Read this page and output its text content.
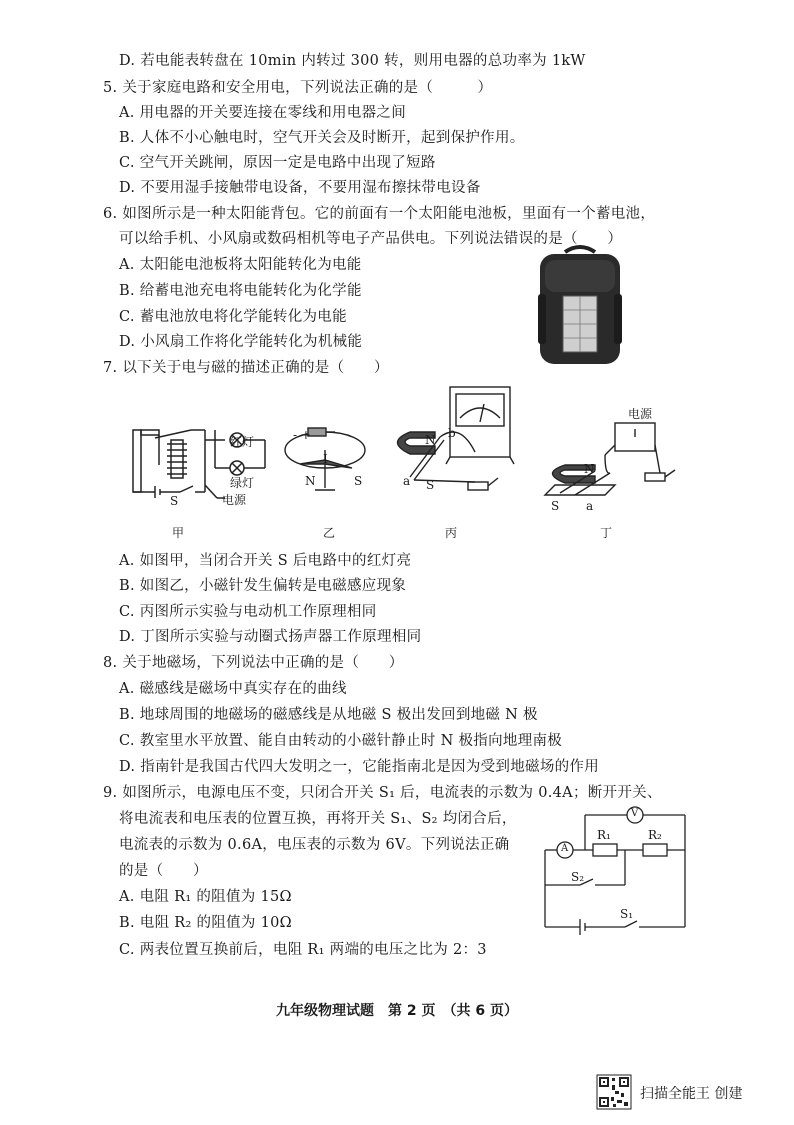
D. 若电能表转盘在 10min 内转过 300 转，则用电器的总功率为 1kW
5. 关于家庭电路和安全用电，下列说法正确的是（　　　）
A. 用电器的开关要连接在零线和用电器之间
B. 人体不小心触电时，空气开关会及时断开，起到保护作用。
C. 空气开关跳闸，原因一定是电路中出现了短路
D. 不要用湿手接触带电设备，不要用湿布擦抹带电设备
6. 如图所示是一种太阳能背包。它的前面有一个太阳能电池板，里面有一个蓄电池，
可以给手机、小风扇或数码相机等电子产品供电。下列说法错误的是（　　）
A. 太阳能电池板将太阳能转化为电能
B. 给蓄电池充电将电能转化为化学能
C. 蓄电池放电将化学能转化为电能
D. 小风扇工作将化学能转化为机械能
7. 以下关于电与磁的描述正确的是（　　）
红灯
绿灯
电源
S
甲
- +
I
N	S
乙
N b
a S
丙
电源
N
S a
丁
A. 如图甲，当闭合开关 S 后电路中的红灯亮
B. 如图乙，小磁针发生偏转是电磁感应现象
C. 丙图所示实验与电动机工作原理相同
D. 丁图所示实验与动圈式扬声器工作原理相同
8. 关于地磁场，下列说法中正确的是（　　）
A. 磁感线是磁场中真实存在的曲线
B. 地球周围的地磁场的磁感线是从地磁 S 极出发回到地磁 N 极
C. 教室里水平放置、能自由转动的小磁针静止时 N 极指向地理南极
D. 指南针是我国古代四大发明之一，它能指南北是因为受到地磁场的作用
9. 如图所示，电源电压不变，只闭合开关 S₁ 后，电流表的示数为 0.4A；断开开关、
将电流表和电压表的位置互换，再将开关 S₁、S₂ 均闭合后，
电流表的示数为 0.6A，电压表的示数为 6V。下列说法正确
的是（　　）
A. 电阻 R₁ 的阻值为 15Ω
B. 电阻 R₂ 的阻值为 10Ω
C. 两表位置互换前后，电阻 R₁ 两端的电压之比为 2：3
A
V
R₁	R₂
S₂
S₁
九年级物理试题　第 2 页　（共 6 页）
扫描全能王 创建
